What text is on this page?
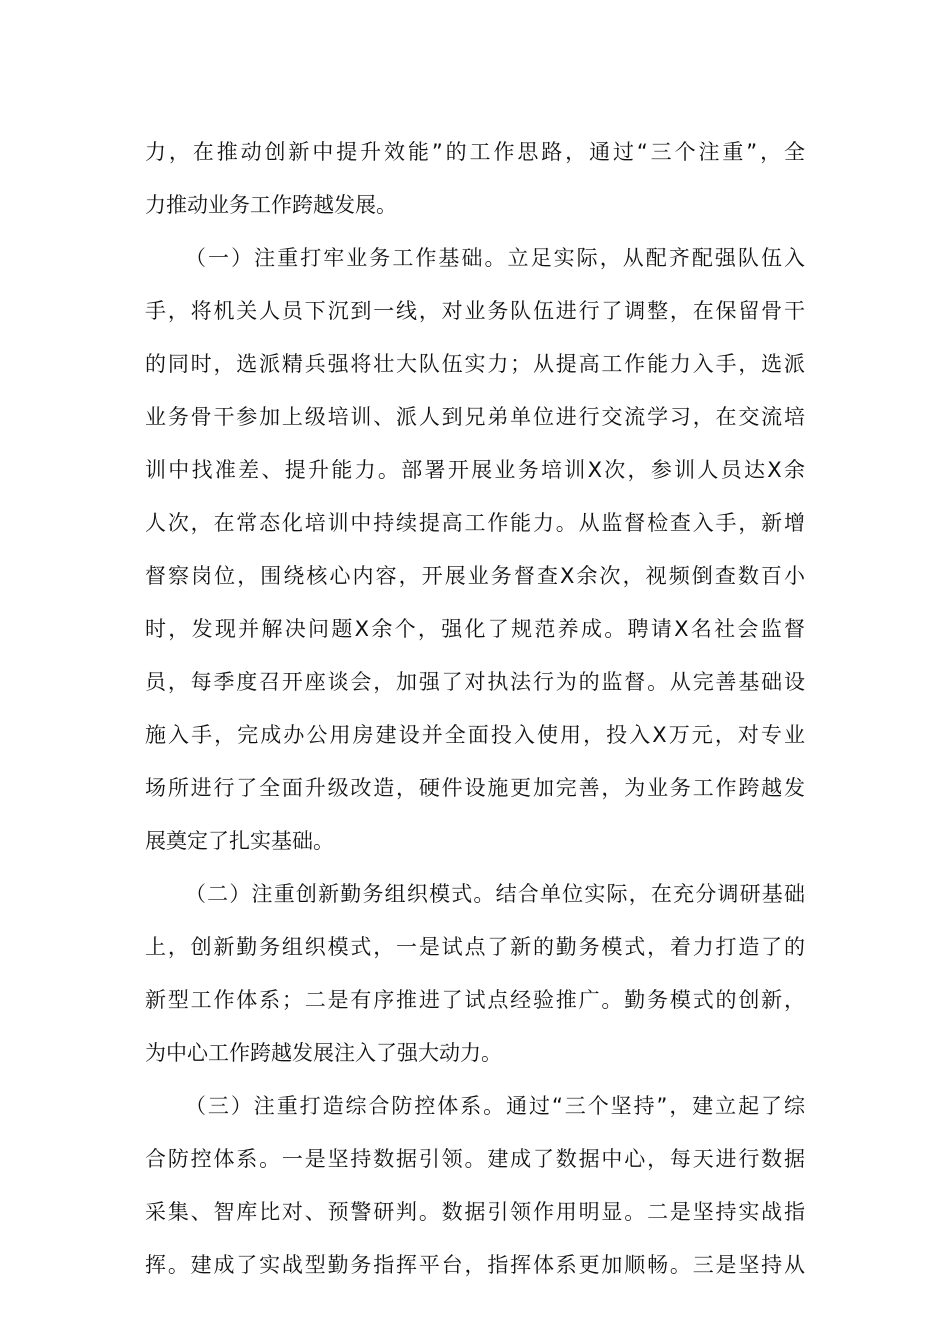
力，在推动创新中提升效能”的工作思路，通过“三个注重”，全
力推动业务工作跨越发展。
（一）注重打牢业务工作基础。立足实际，从配齐配强队伍入
手，将机关人员下沉到一线，对业务队伍进行了调整，在保留骨干
的同时，选派精兵强将壮大队伍实力；从提高工作能力入手，选派
业务骨干参加上级培训、派人到兄弟单位进行交流学习，在交流培
训中找准差、提升能力。部署开展业务培训X次，参训人员达X余
人次，在常态化培训中持续提高工作能力。从监督检查入手，新增
督察岗位，围绕核心内容，开展业务督查X余次，视频倒查数百小
时，发现并解决问题X余个，强化了规范养成。聘请X名社会监督
员，每季度召开座谈会，加强了对执法行为的监督。从完善基础设
施入手，完成办公用房建设并全面投入使用，投入X万元，对专业
场所进行了全面升级改造，硬件设施更加完善，为业务工作跨越发
展奠定了扎实基础。
（二）注重创新勤务组织模式。结合单位实际，在充分调研基础
上，创新勤务组织模式，一是试点了新的勤务模式，着力打造了的
新型工作体系；二是有序推进了试点经验推广。勤务模式的创新，
为中心工作跨越发展注入了强大动力。
（三）注重打造综合防控体系。通过“三个坚持”，建立起了综
合防控体系。一是坚持数据引领。建成了数据中心，每天进行数据
采集、智库比对、预警研判。数据引领作用明显。二是坚持实战指
挥。建成了实战型勤务指挥平台，指挥体系更加顺畅。三是坚持从
